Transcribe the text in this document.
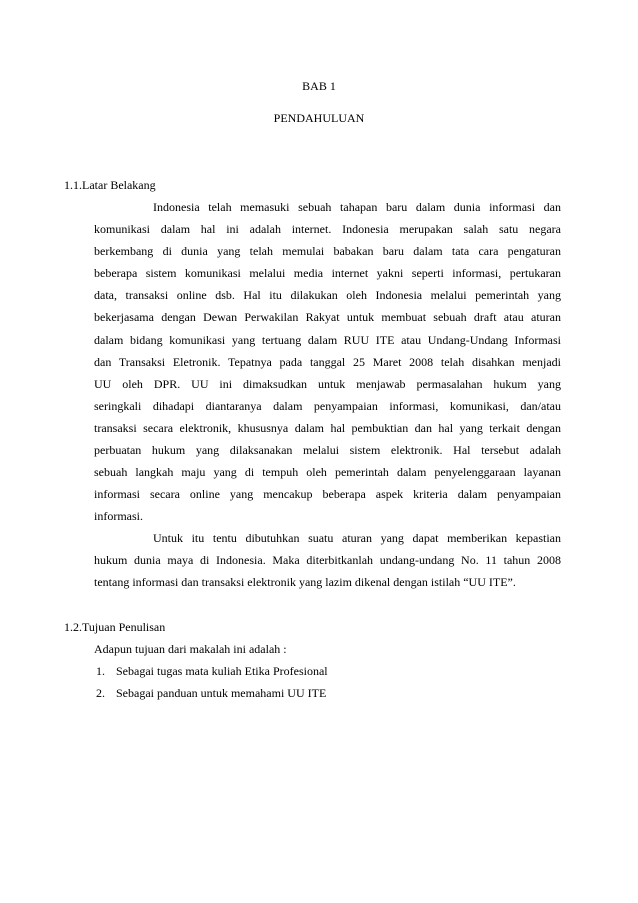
BAB 1
PENDAHULUAN
1.1.Latar Belakang
Indonesia telah memasuki sebuah tahapan baru dalam dunia informasi dan
komunikasi dalam hal ini adalah internet. Indonesia merupakan salah satu negara
berkembang di dunia yang telah memulai babakan baru dalam tata cara pengaturan
beberapa sistem komunikasi melalui media internet yakni seperti informasi, pertukaran
data, transaksi online dsb. Hal itu dilakukan oleh Indonesia melalui pemerintah yang
bekerjasama dengan Dewan Perwakilan Rakyat untuk membuat sebuah draft atau aturan
dalam bidang komunikasi yang tertuang dalam RUU ITE atau Undang-Undang Informasi
dan Transaksi Eletronik. Tepatnya pada tanggal 25 Maret 2008 telah disahkan menjadi
UU oleh DPR. UU ini dimaksudkan untuk menjawab permasalahan hukum yang
seringkali dihadapi diantaranya dalam penyampaian informasi, komunikasi, dan/atau
transaksi secara elektronik, khususnya dalam hal pembuktian dan hal yang terkait dengan
perbuatan hukum yang dilaksanakan melalui sistem elektronik. Hal tersebut adalah
sebuah langkah maju yang di tempuh oleh pemerintah dalam penyelenggaraan layanan
informasi secara online yang mencakup beberapa aspek kriteria dalam penyampaian
informasi.
Untuk itu tentu dibutuhkan suatu aturan yang dapat memberikan kepastian
hukum dunia maya di Indonesia. Maka diterbitkanlah undang-undang No. 11 tahun 2008
tentang informasi dan transaksi elektronik yang lazim dikenal dengan istilah “UU ITE”.
1.2.Tujuan Penulisan
Adapun tujuan dari makalah ini adalah :
1. Sebagai tugas mata kuliah Etika Profesional
2. Sebagai panduan untuk memahami UU ITE
